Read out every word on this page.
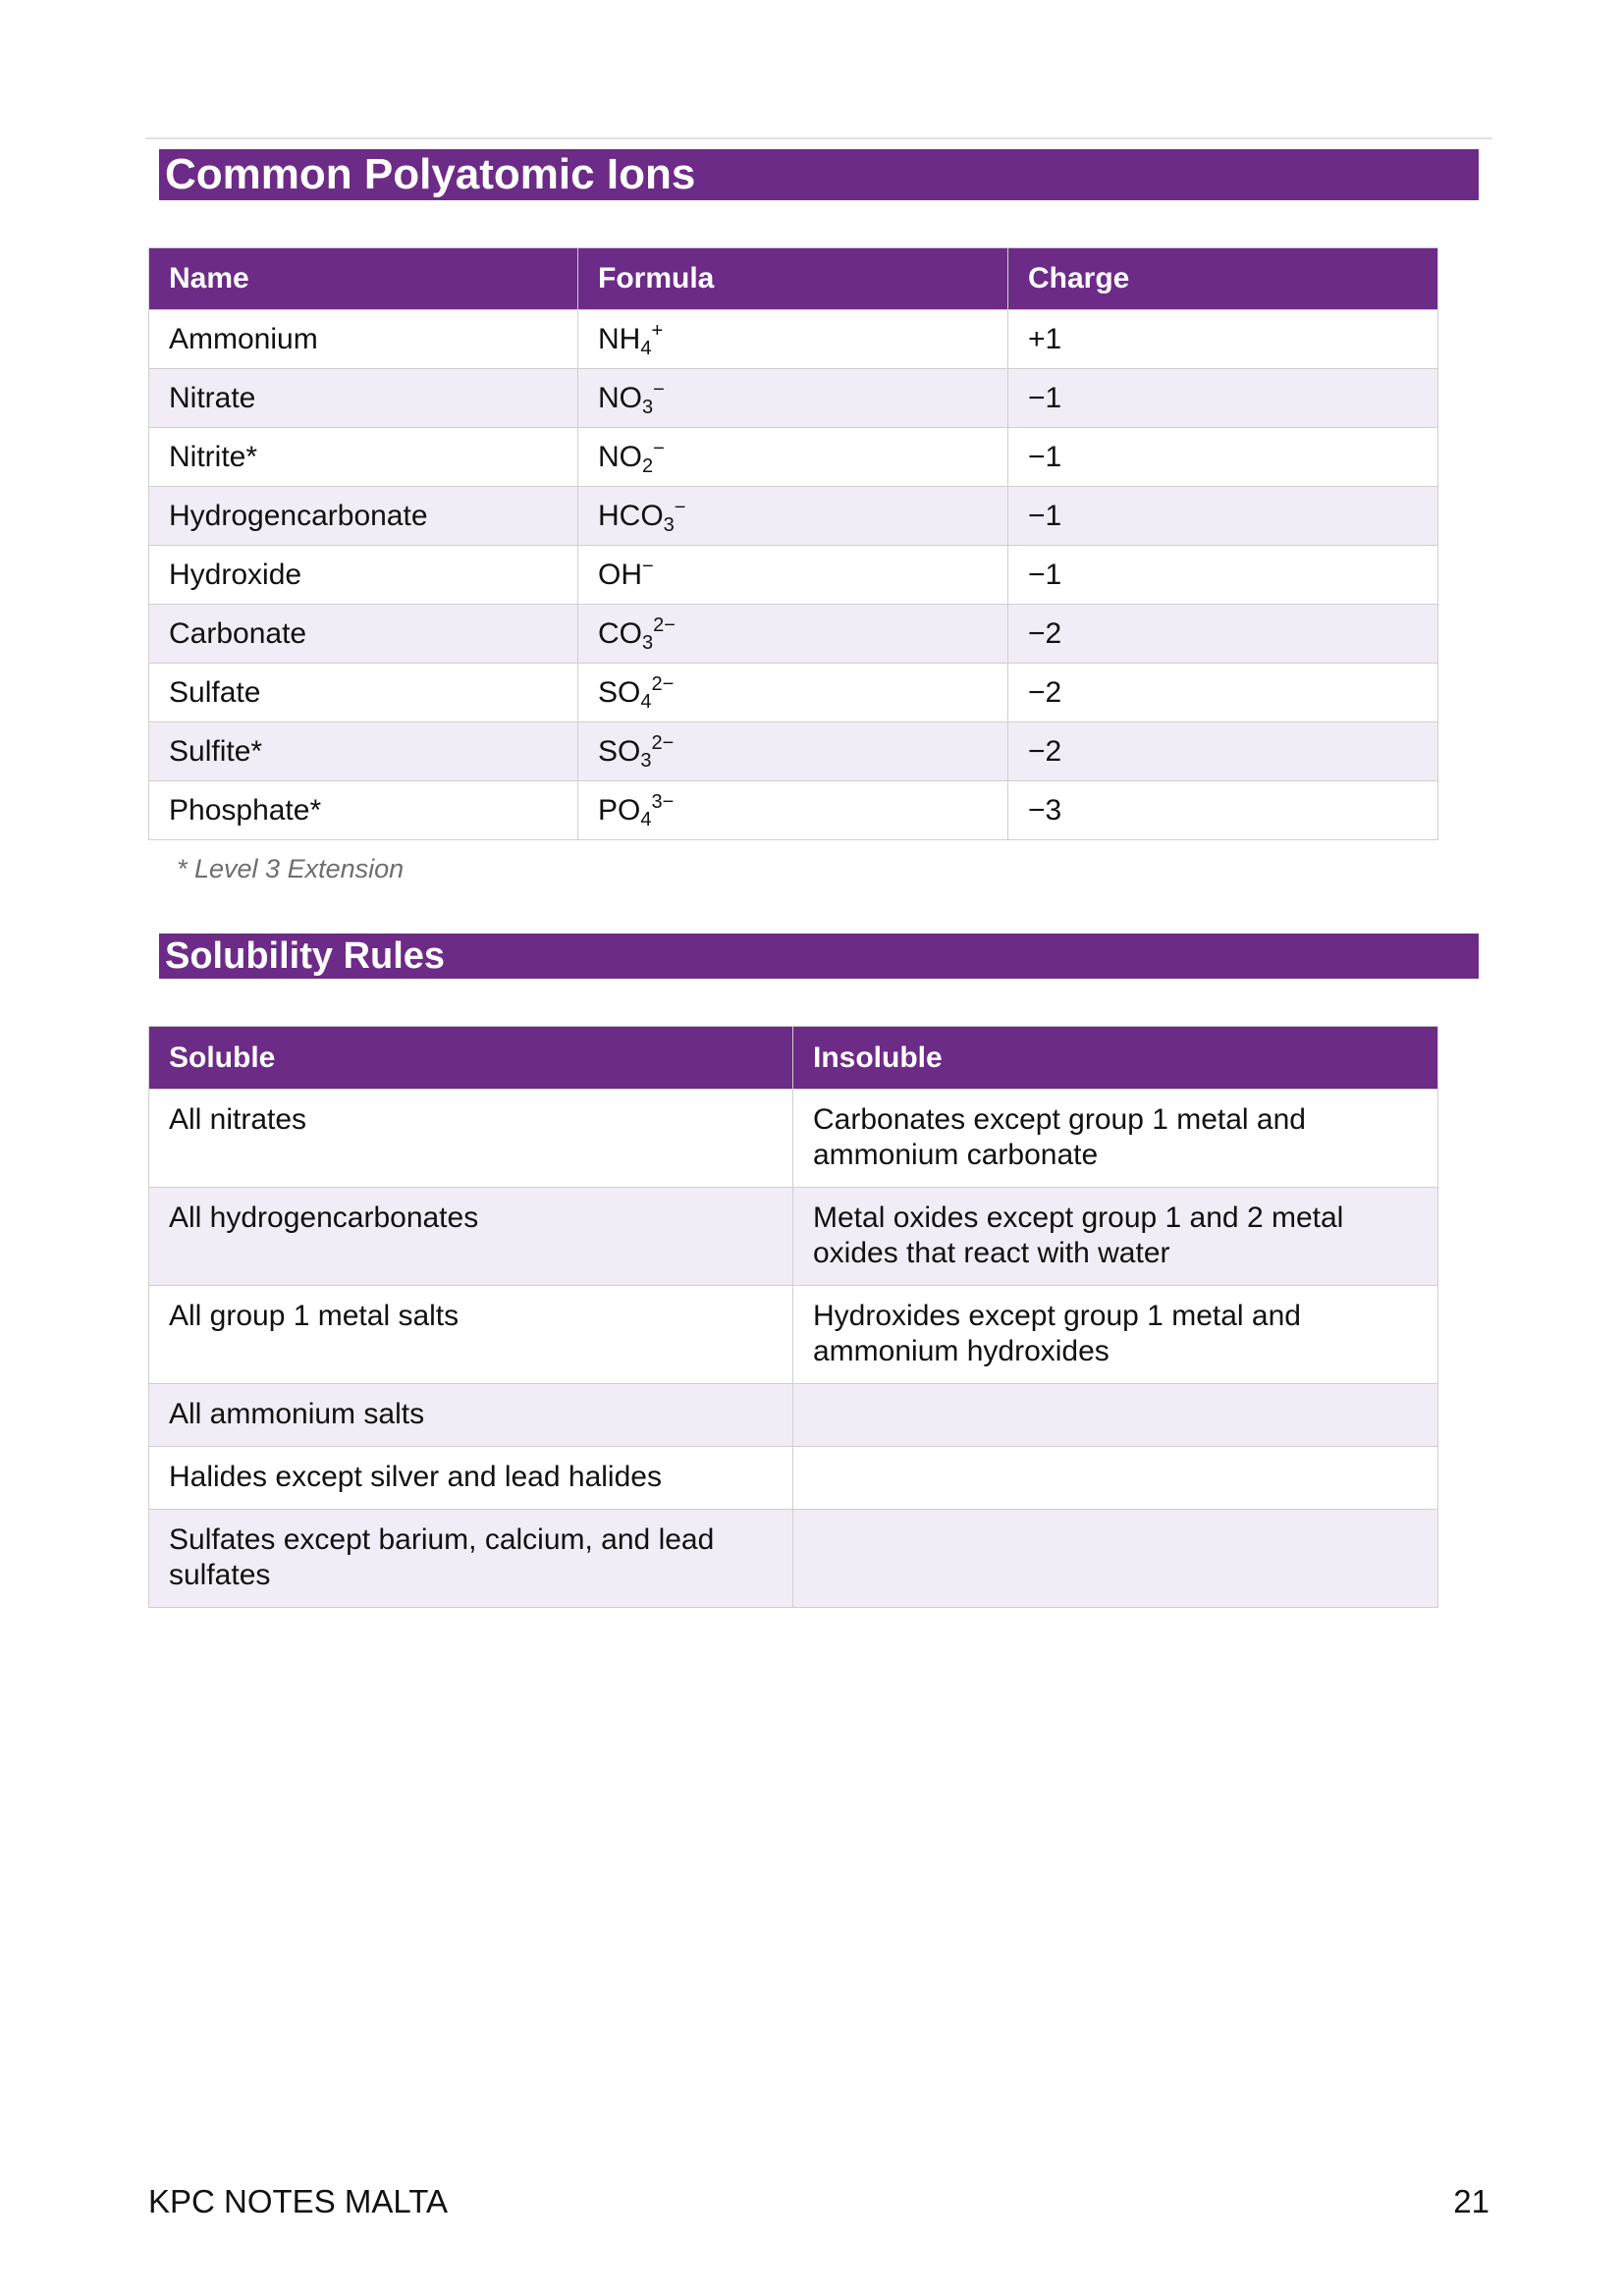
Common Polyatomic Ions
Name	Formula	Charge
Ammonium	$NH_4^+$	+1
Nitrate	$NO_3^-$	−1
Nitrite*	$NO_2^-$	−1
Hydrogencarbonate	$HCO_3^-$	−1
Hydroxide	OH−	−1
Carbonate	$CO_3^{2-}$	−2
Sulfate	$SO_4^{2-}$	−2
Sulfite*	$SO_3^{2-}$	−2
Phosphate*	$PO_4^{3-}$	−3
* Level 3 Extension
Solubility Rules
Soluble	Insoluble
All nitrates	Carbonates except group 1 metal and ammonium carbonate
All hydrogencarbonates	Metal oxides except group 1 and 2 metal oxides that react with water
All group 1 metal salts	Hydroxides except group 1 metal and ammonium hydroxides
All ammonium salts	
Halides except silver and lead halides	
Sulfates except barium, calcium, and lead sulfates	
KPC NOTES MALTA	21
